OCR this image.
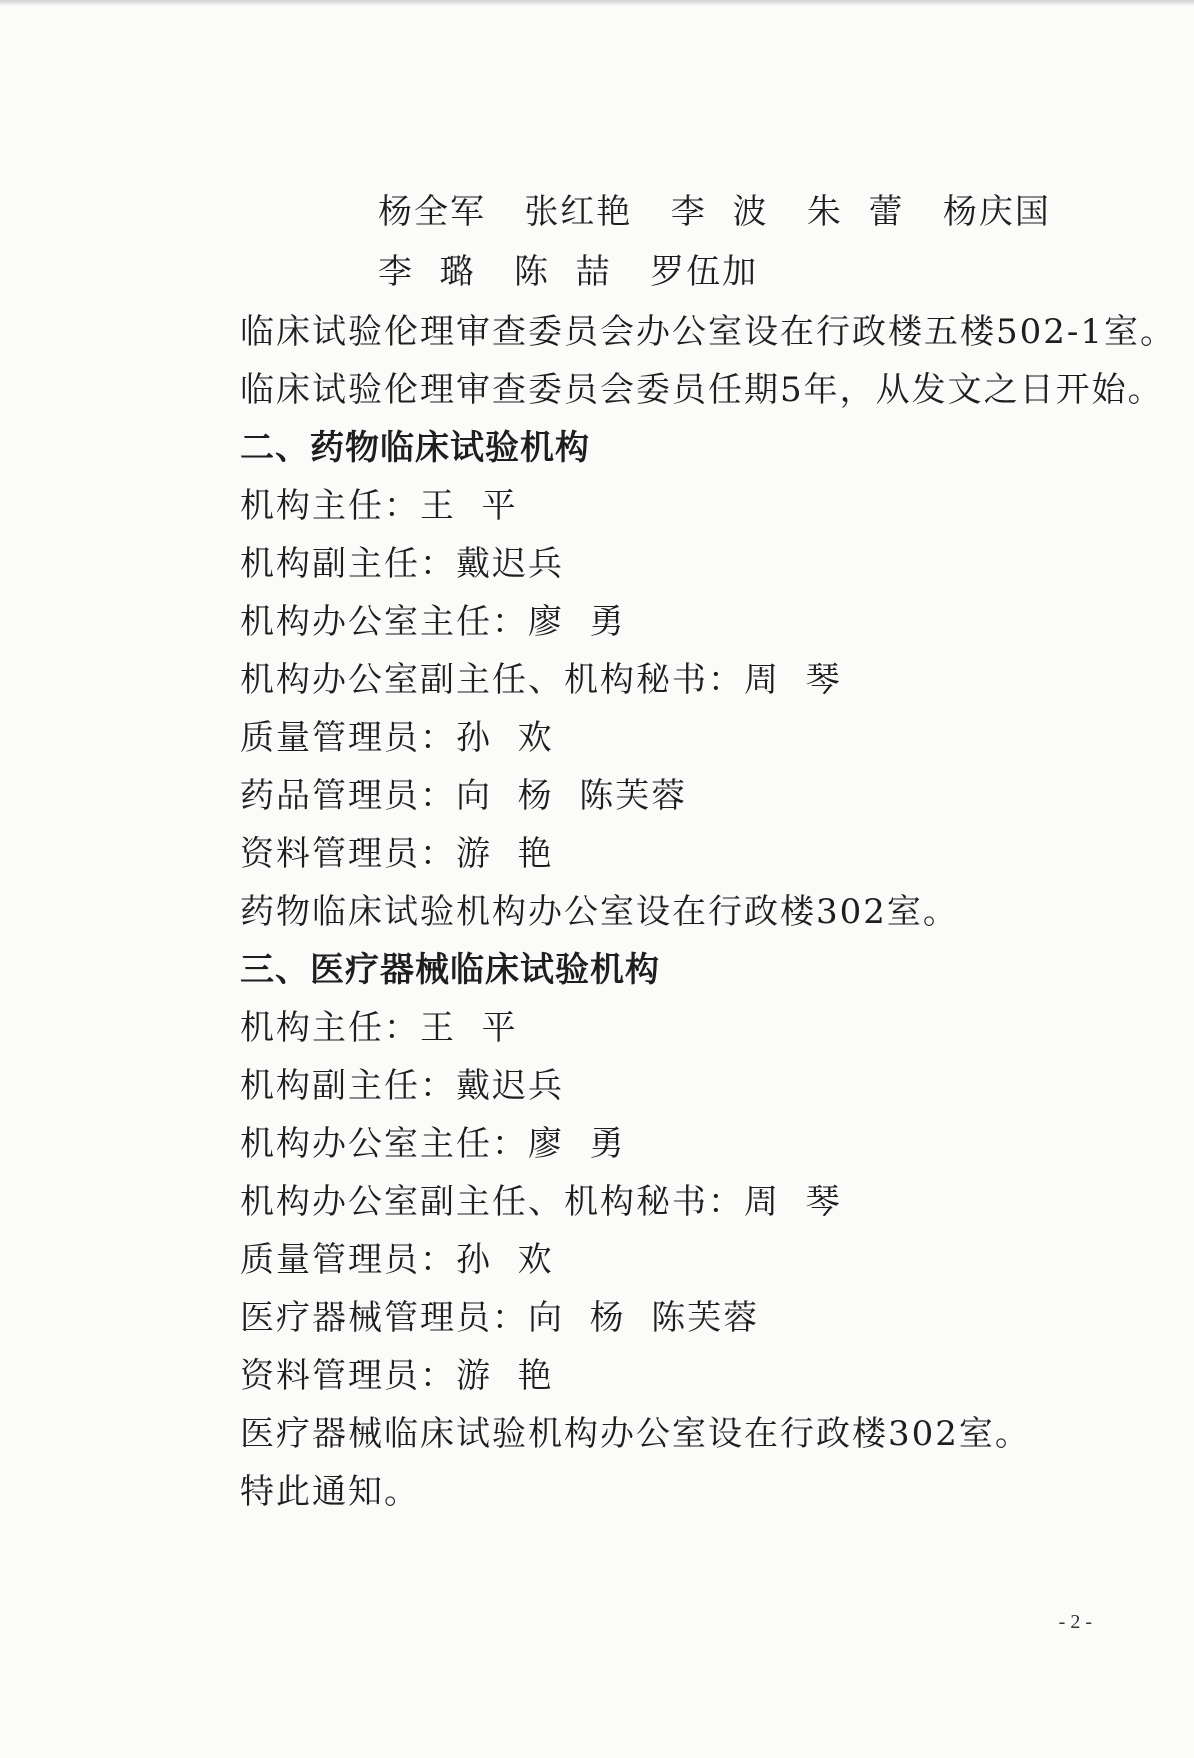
杨全军   张红艳   李  波   朱  蕾   杨庆国
李  璐   陈  喆   罗伍加
临床试验伦理审查委员会办公室设在行政楼五楼502-1室。
临床试验伦理审查委员会委员任期5年，从发文之日开始。
二、药物临床试验机构
机构主任：王  平
机构副主任：戴迟兵
机构办公室主任：廖  勇
机构办公室副主任、机构秘书：周  琴
质量管理员：孙  欢
药品管理员：向  杨  陈芙蓉
资料管理员：游  艳
药物临床试验机构办公室设在行政楼302室。
三、医疗器械临床试验机构
机构主任：王  平
机构副主任：戴迟兵
机构办公室主任：廖  勇
机构办公室副主任、机构秘书：周  琴
质量管理员：孙  欢
医疗器械管理员：向  杨  陈芙蓉
资料管理员：游  艳
医疗器械临床试验机构办公室设在行政楼302室。
特此通知。
- 2 -
